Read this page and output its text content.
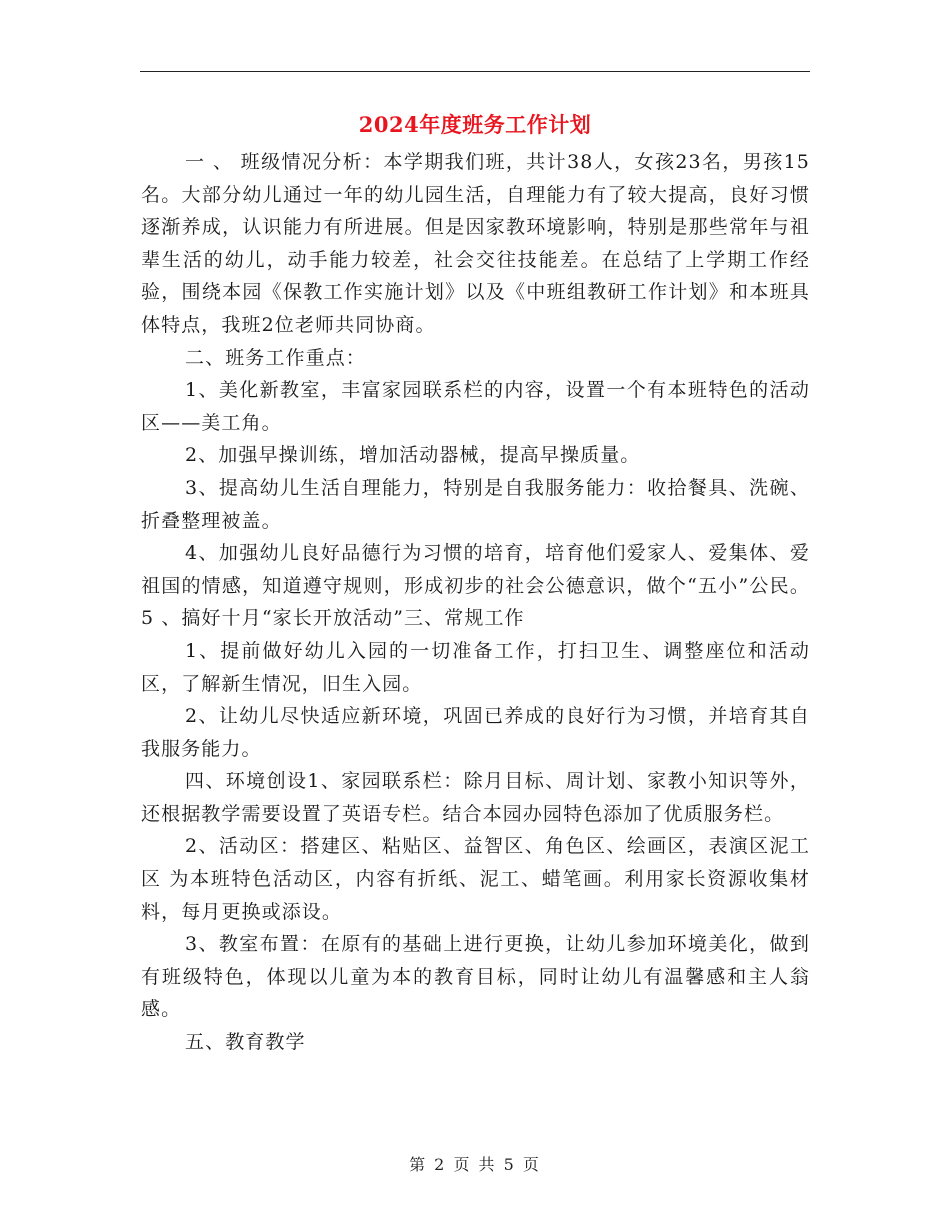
2024年度班务工作计划

一 、 班级情况分析：本学期我们班，共计38人，女孩23名，男孩15名。大部分幼儿通过一年的幼儿园生活，自理能力有了较大提高，良好习惯逐渐养成，认识能力有所进展。但是因家教环境影响，特别是那些常年与祖辈生活的幼儿，动手能力较差，社会交往技能差。在总结了上学期工作经验，围绕本园《保教工作实施计划》以及《中班组教研工作计划》和本班具体特点，我班2位老师共同协商。

二、班务工作重点：

1、美化新教室，丰富家园联系栏的内容，设置一个有本班特色的活动区——美工角。

2、加强早操训练，增加活动器械，提高早操质量。

3、提高幼儿生活自理能力，特别是自我服务能力：收拾餐具、洗碗、折叠整理被盖。

4、加强幼儿良好品德行为习惯的培育，培育他们爱家人、爱集体、爱祖国的情感，知道遵守规则，形成初步的社会公德意识，做个“五小”公民。5 、搞好十月“家长开放活动”三、常规工作

1、提前做好幼儿入园的一切准备工作，打扫卫生、调整座位和活动区，了解新生情况，旧生入园。

2、让幼儿尽快适应新环境，巩固已养成的良好行为习惯，并培育其自我服务能力。

四、环境创设1、家园联系栏：除月目标、周计划、家教小知识等外，还根据教学需要设置了英语专栏。结合本园办园特色添加了优质服务栏。

2、活动区：搭建区、粘贴区、益智区、角色区、绘画区，表演区泥工区 为本班特色活动区，内容有折纸、泥工、蜡笔画。利用家长资源收集材料，每月更换或添设。

3、教室布置：在原有的基础上进行更换，让幼儿参加环境美化，做到有班级特色，体现以儿童为本的教育目标，同时让幼儿有温馨感和主人翁感。

五、教育教学

第 2 页 共 5 页
